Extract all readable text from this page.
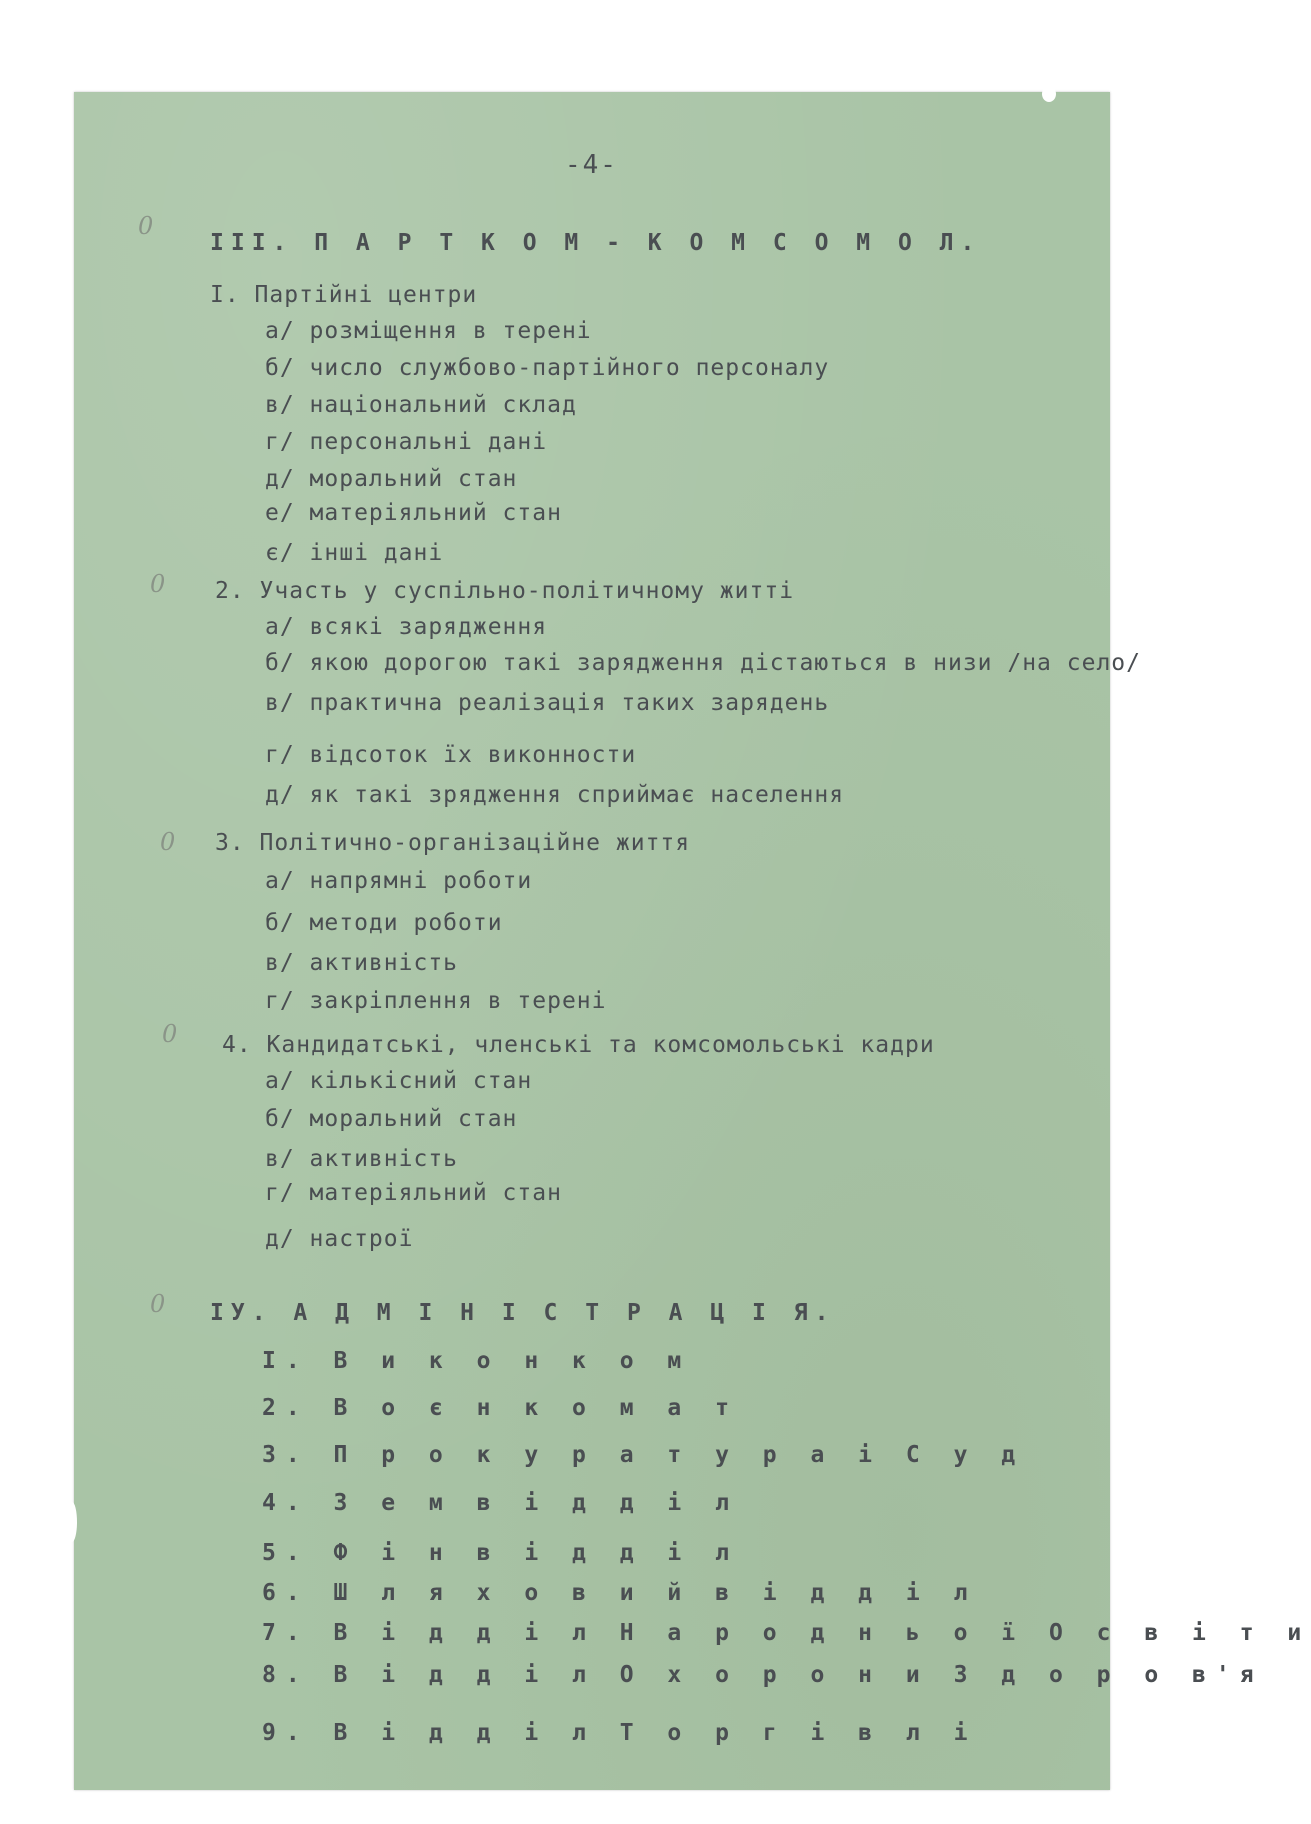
-4-
0
0
0
0
0
III. П А Р Т К О М - К О М С О М О Л.
I. Партійні центри
а/ розміщення в терені
б/ число службово-партійного персоналу
в/ національний склад
г/ персональні дані
д/ моральний стан
е/ матеріяльний стан
є/ інші дані
2. Участь у суспільно-політичному житті
а/ всякі зарядження
б/ якою дорогою такі зарядження дістаються в низи /на село/
в/ практична реалізація таких зарядень
г/ відсоток їх виконности
д/ як такі зрядження сприймає населення
3. Політично-організаційне життя
а/ напрямні роботи
б/ методи роботи
в/ активність
г/ закріплення в терені
4. Кандидатські, членські та комсомольські кадри
а/ кількісний стан
б/ моральний стан
в/ активність
г/ матеріяльний стан
д/ настрої
IУ. А Д М І Н І С Т Р А Ц І Я.
I. В и к о н к о м
2. В о є н к о м а т
3. П р о к у р а т у р а і С у д
4. З е м в і д д і л
5. Ф і н в і д д і л
6. Ш л я х о в и й в і д д і л
7. В і д д і л Н а р о д н ь о ї О с в і т и
8. В і д д і л О х о р о н и З д о р о в'я
9. В і д д і л Т о р г і в л і
